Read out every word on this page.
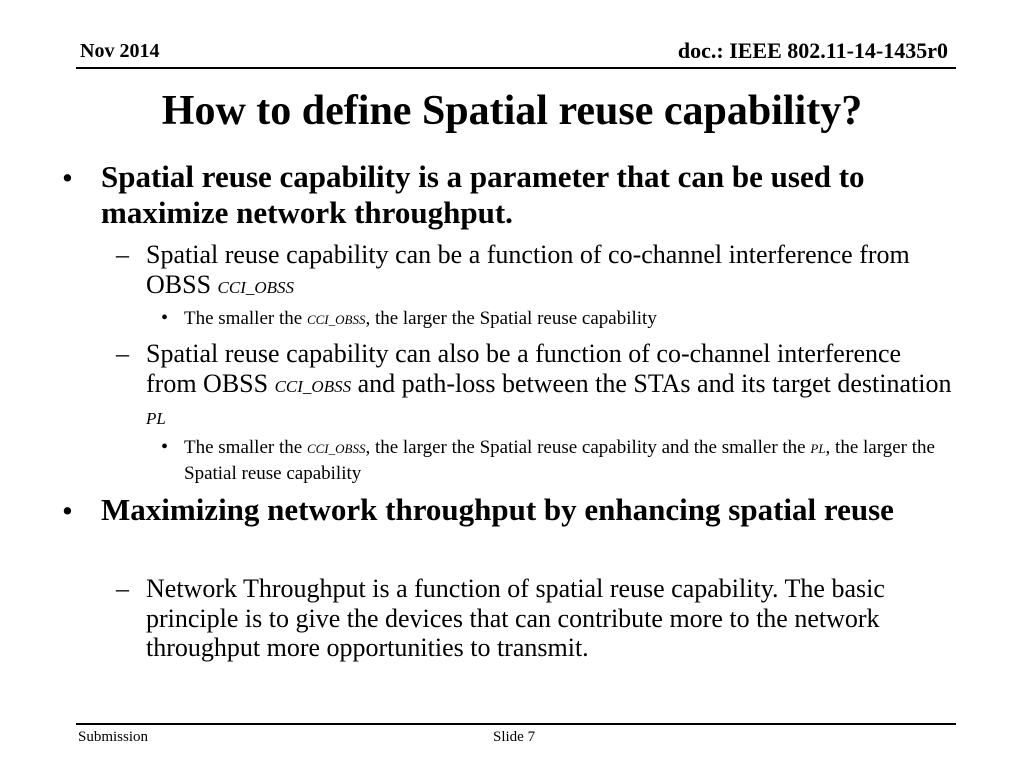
Nov 2014	doc.: IEEE 802.11-14-1435r0
How to define Spatial reuse capability?
• Spatial reuse capability is a parameter that can be used to maximize network throughput.
– Spatial reuse capability can be a function of co-channel interference from OBSS CCI_OBSS
• The smaller the CCI_OBSS, the larger the Spatial reuse capability
– Spatial reuse capability can also be a function of co-channel interference from OBSS CCI_OBSS and path-loss between the STAs and its target destination PL
• The smaller the CCI_OBSS, the larger the Spatial reuse capability and the smaller the PL, the larger the Spatial reuse capability
• Maximizing network throughput by enhancing spatial reuse
– Network Throughput is a function of spatial reuse capability. The basic principle is to give the devices that can contribute more to the network throughput more opportunities to transmit.
Submission	Slide 7
